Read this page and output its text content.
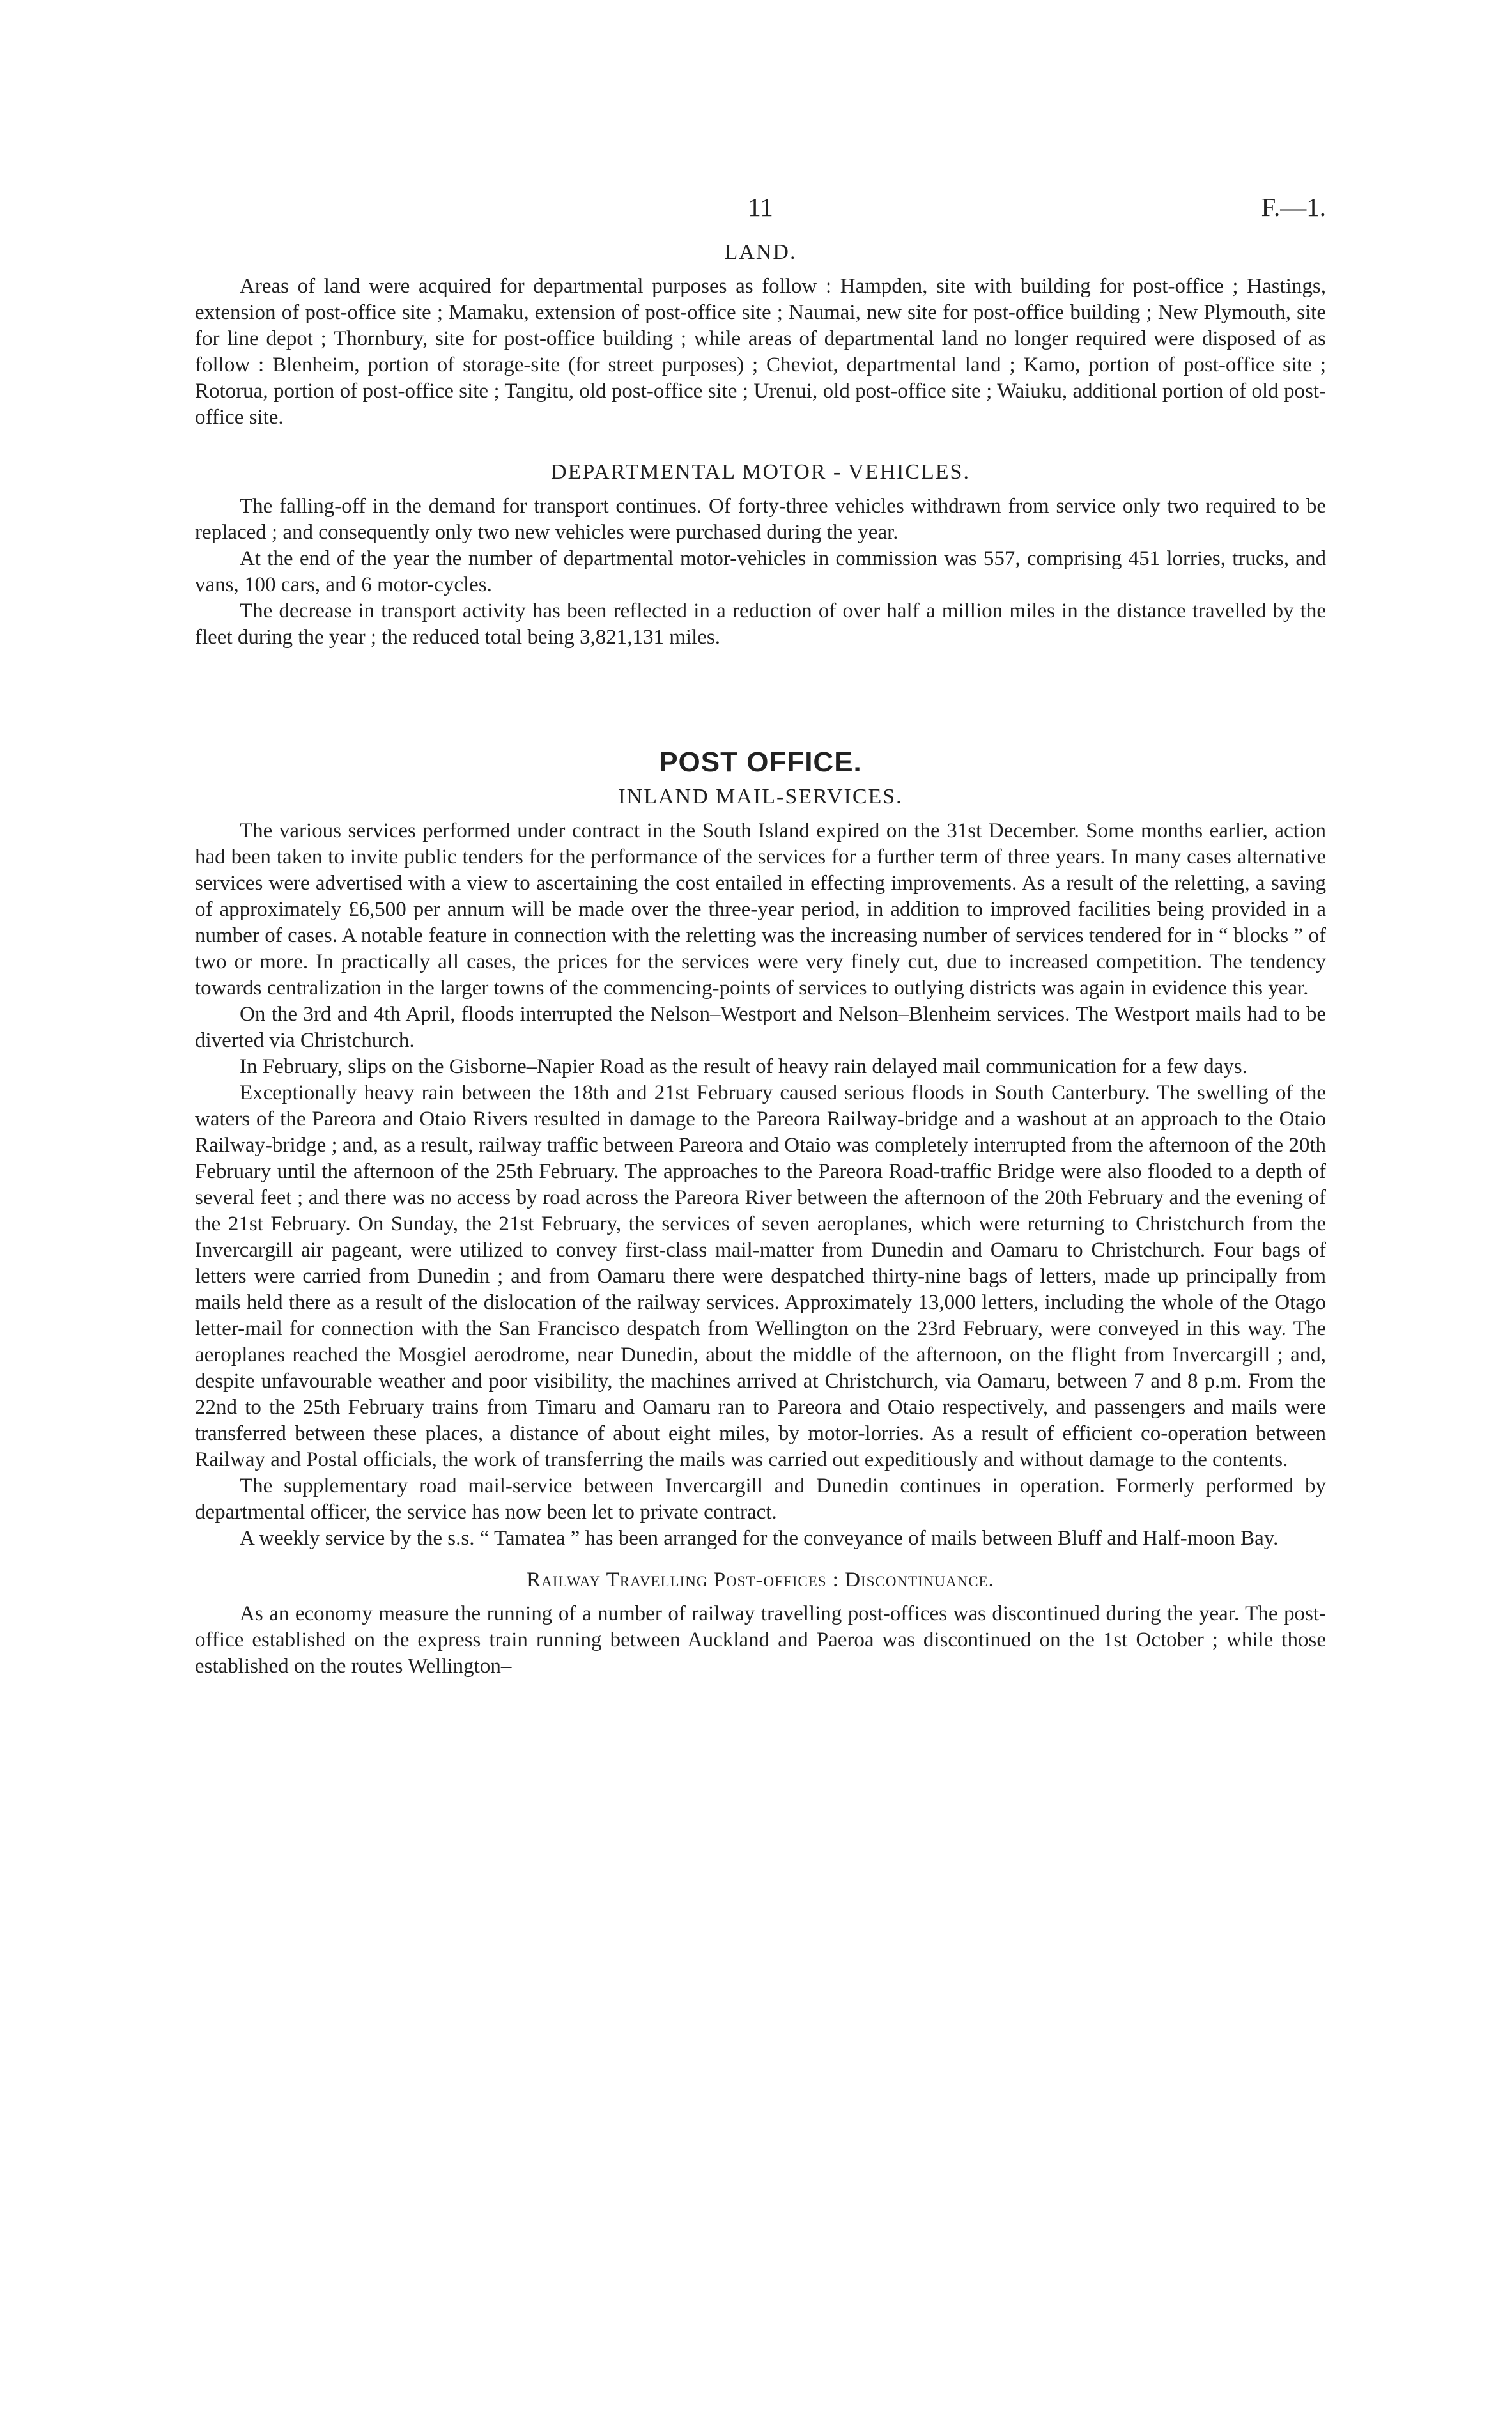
11	F.—1.
LAND.

Areas of land were acquired for departmental purposes as follow : Hampden, site with building for post-office ; Hastings, extension of post-office site ; Mamaku, extension of post-office site ; Naumai, new site for post-office building ; New Plymouth, site for line depot ; Thornbury, site for post-office building ; while areas of departmental land no longer required were disposed of as follow : Blenheim, portion of storage-site (for street purposes) ; Cheviot, departmental land ; Kamo, portion of post-office site ; Rotorua, portion of post-office site ; Tangitu, old post-office site ; Urenui, old post-office site ; Waiuku, additional portion of old post-office site.

DEPARTMENTAL MOTOR - VEHICLES.

The falling-off in the demand for transport continues. Of forty-three vehicles withdrawn from service only two required to be replaced ; and consequently only two new vehicles were purchased during the year.

At the end of the year the number of departmental motor-vehicles in commission was 557, comprising 451 lorries, trucks, and vans, 100 cars, and 6 motor-cycles.

The decrease in transport activity has been reflected in a reduction of over half a million miles in the distance travelled by the fleet during the year ; the reduced total being 3,821,131 miles.

POST OFFICE.
INLAND MAIL-SERVICES.

The various services performed under contract in the South Island expired on the 31st December. Some months earlier, action had been taken to invite public tenders for the performance of the services for a further term of three years. In many cases alternative services were advertised with a view to ascertaining the cost entailed in effecting improvements. As a result of the reletting, a saving of approximately £6,500 per annum will be made over the three-year period, in addition to improved facilities being provided in a number of cases. A notable feature in connection with the reletting was the increasing number of services tendered for in “ blocks ” of two or more. In practically all cases, the prices for the services were very finely cut, due to increased competition. The tendency towards centralization in the larger towns of the commencing-points of services to outlying districts was again in evidence this year.

On the 3rd and 4th April, floods interrupted the Nelson–Westport and Nelson–Blenheim services. The Westport mails had to be diverted via Christchurch.

In February, slips on the Gisborne–Napier Road as the result of heavy rain delayed mail communication for a few days.

Exceptionally heavy rain between the 18th and 21st February caused serious floods in South Canterbury. The swelling of the waters of the Pareora and Otaio Rivers resulted in damage to the Pareora Railway-bridge and a washout at an approach to the Otaio Railway-bridge ; and, as a result, railway traffic between Pareora and Otaio was completely interrupted from the afternoon of the 20th February until the afternoon of the 25th February. The approaches to the Pareora Road-traffic Bridge were also flooded to a depth of several feet ; and there was no access by road across the Pareora River between the afternoon of the 20th February and the evening of the 21st February. On Sunday, the 21st February, the services of seven aeroplanes, which were returning to Christchurch from the Invercargill air pageant, were utilized to convey first-class mail-matter from Dunedin and Oamaru to Christchurch. Four bags of letters were carried from Dunedin ; and from Oamaru there were despatched thirty-nine bags of letters, made up principally from mails held there as a result of the dislocation of the railway services. Approximately 13,000 letters, including the whole of the Otago letter-mail for connection with the San Francisco despatch from Wellington on the 23rd February, were conveyed in this way. The aeroplanes reached the Mosgiel aerodrome, near Dunedin, about the middle of the afternoon, on the flight from Invercargill ; and, despite unfavourable weather and poor visibility, the machines arrived at Christchurch, via Oamaru, between 7 and 8 p.m. From the 22nd to the 25th February trains from Timaru and Oamaru ran to Pareora and Otaio respectively, and passengers and mails were transferred between these places, a distance of about eight miles, by motor-lorries. As a result of efficient co-operation between Railway and Postal officials, the work of transferring the mails was carried out expeditiously and without damage to the contents.

The supplementary road mail-service between Invercargill and Dunedin continues in operation. Formerly performed by departmental officer, the service has now been let to private contract.

A weekly service by the s.s. “ Tamatea ” has been arranged for the conveyance of mails between Bluff and Half-moon Bay.

Railway Travelling Post-offices : Discontinuance.

As an economy measure the running of a number of railway travelling post-offices was discontinued during the year. The post-office established on the express train running between Auckland and Paeroa was discontinued on the 1st October ; while those established on the routes Wellington–
